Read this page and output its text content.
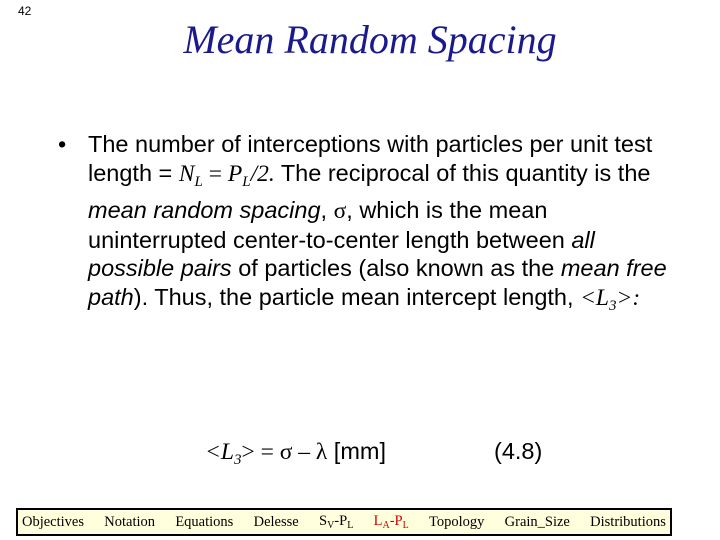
42
Mean Random Spacing
• The number of interceptions with particles per unit test length = $N_L = P_L/2$. The reciprocal of this quantity is the mean random spacing, σ, which is the mean uninterrupted center-to-center length between all possible pairs of particles (also known as the mean free path). Thus, the particle mean intercept length, $<L_3>$:
$<L_3> = \sigma - \lambda$ [mm]	(4.8)
Objectives Notation Equations Delesse $S_V-P_L$ $L_A-P_L$ Topology Grain_Size Distributions
